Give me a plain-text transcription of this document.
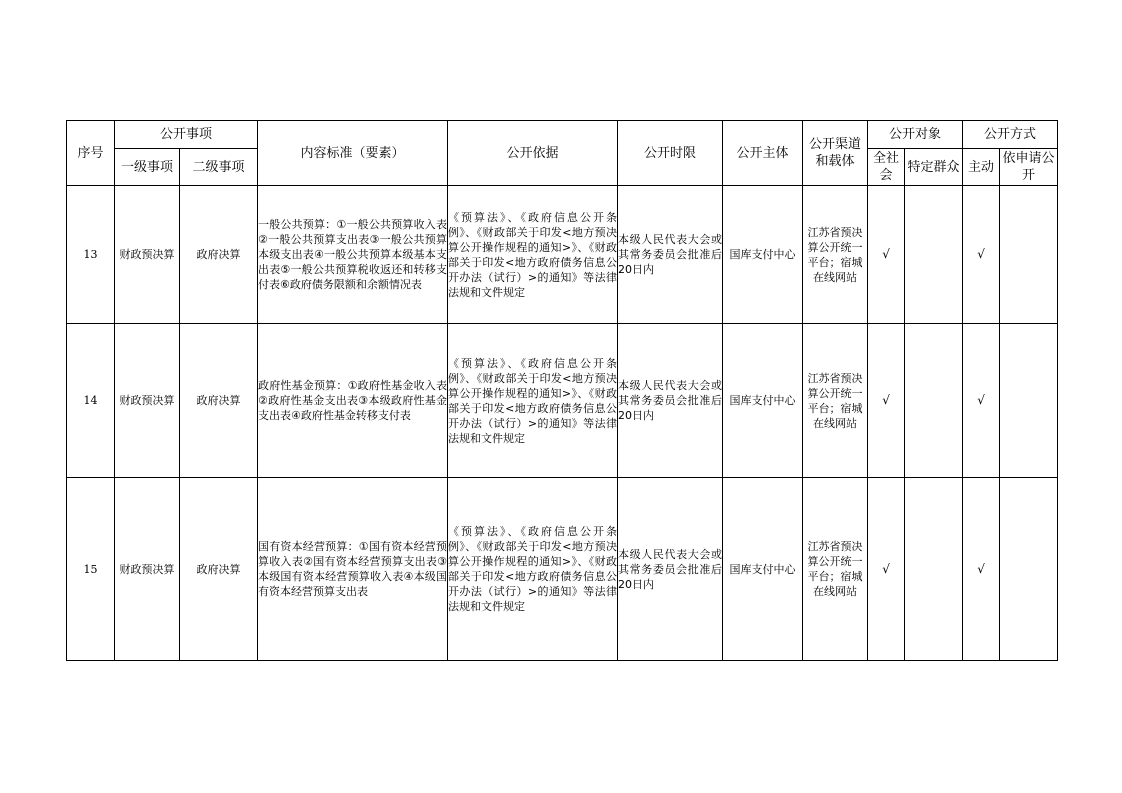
序号	公开事项		内容标准（要素）	公开依据	公开时限	公开主体	公开渠道和载体	公开对象		公开方式	
	一级事项	二级事项						全社会	特定群众	主动	依申请公开
13	财政预决算	政府决算	一般公共预算：①一般公共预算收入表②一般公共预算支出表③一般公共预算本级支出表④一般公共预算本级基本支出表⑤一般公共预算税收返还和转移支付表⑥政府债务限额和余额情况表	《预算法》、《政府信息公开条例》、《财政部关于印发<地方预决算公开操作规程的通知>》、《财政部关于印发<地方政府债务信息公开办法（试行）>的通知》等法律法规和文件规定	本级人民代表大会或其常务委员会批准后20日内	国库支付中心	江苏省预决算公开统一平台；宿城在线网站	√		√	
14	财政预决算	政府决算	政府性基金预算：①政府性基金收入表②政府性基金支出表③本级政府性基金支出表④政府性基金转移支付表	《预算法》、《政府信息公开条例》、《财政部关于印发<地方预决算公开操作规程的通知>》、《财政部关于印发<地方政府债务信息公开办法（试行）>的通知》等法律法规和文件规定	本级人民代表大会或其常务委员会批准后20日内	国库支付中心	江苏省预决算公开统一平台；宿城在线网站	√		√	
15	财政预决算	政府决算	国有资本经营预算：①国有资本经营预算收入表②国有资本经营预算支出表③本级国有资本经营预算收入表④本级国有资本经营预算支出表	《预算法》、《政府信息公开条例》、《财政部关于印发<地方预决算公开操作规程的通知>》、《财政部关于印发<地方政府债务信息公开办法（试行）>的通知》等法律法规和文件规定	本级人民代表大会或其常务委员会批准后20日内	国库支付中心	江苏省预决算公开统一平台；宿城在线网站	√		√	
